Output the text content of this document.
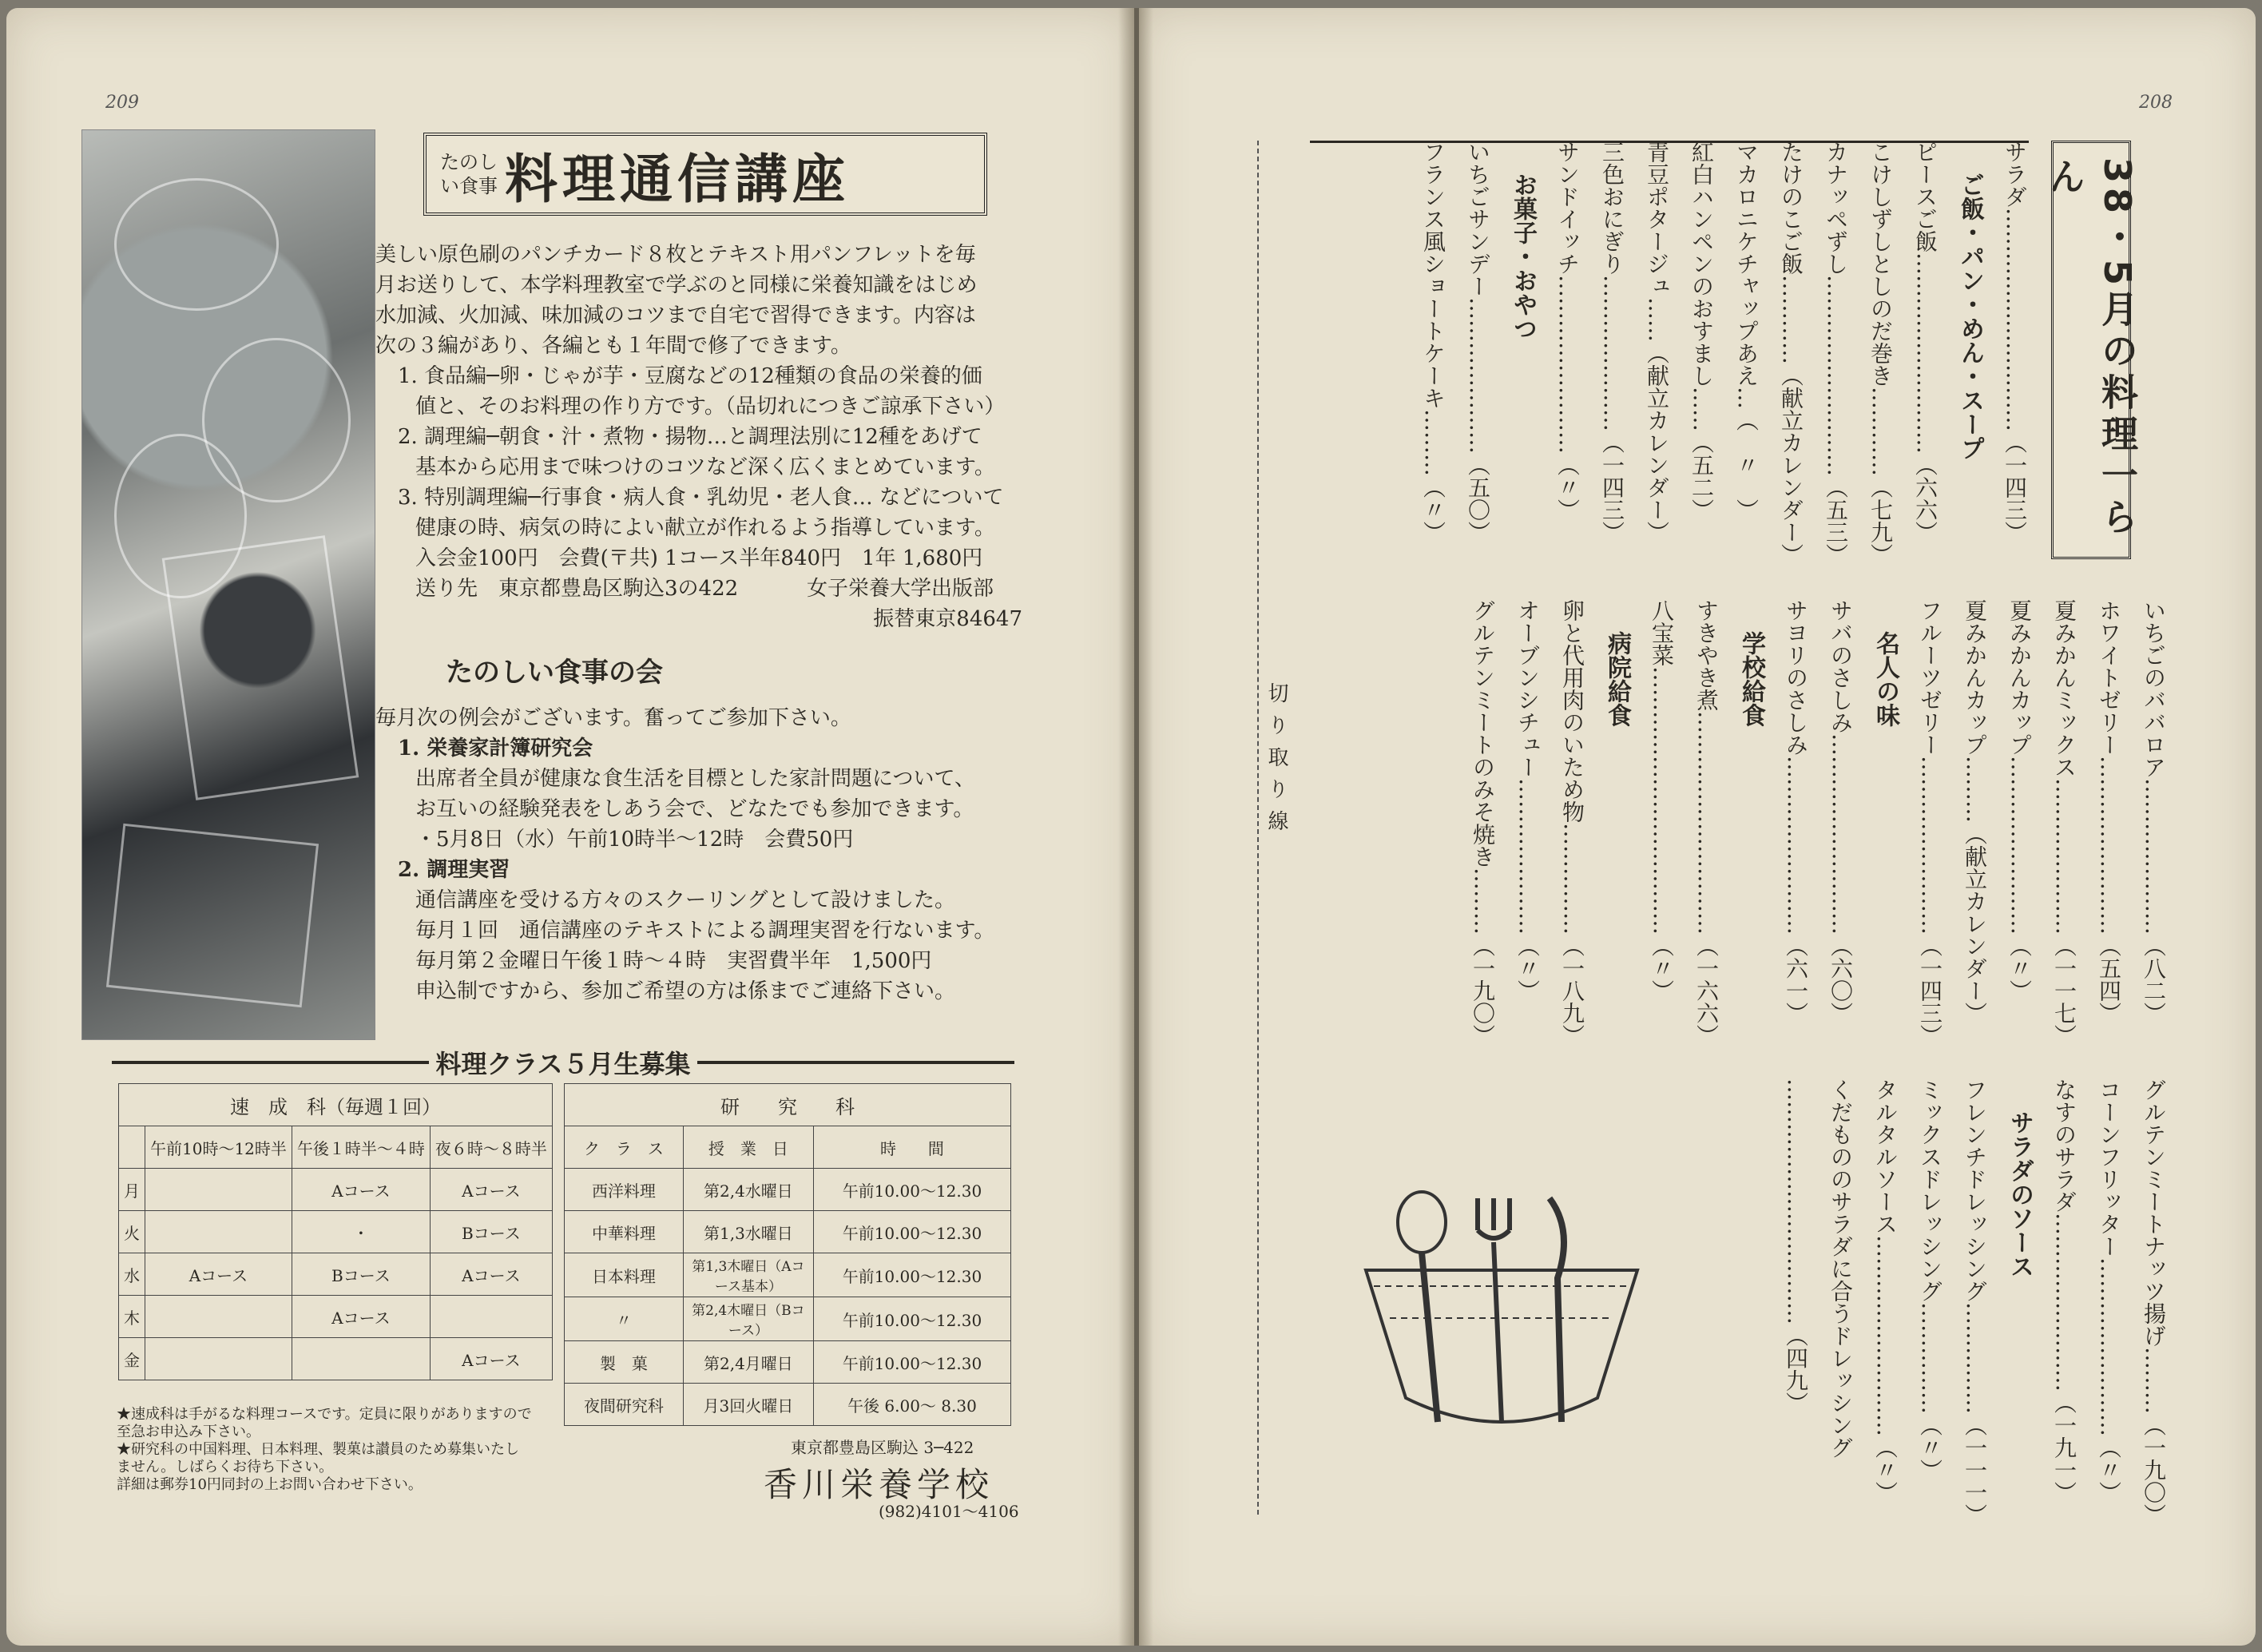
209
たのしい食事 料理通信講座

美しい原色刷のパンチカード８枚とテキスト用パンフレットを毎

月お送りして、本学料理教室で学ぶのと同様に栄養知識をはじめ

水加減、火加減、味加減のコツまで自宅で習得できます。内容は

次の３編があり、各編とも１年間で修了できます。

1. 食品編─卵・じゃが芋・豆腐などの12種類の食品の栄養的価

値と、そのお料理の作り方です。（品切れにつきご諒承下さい）

2. 調理編─朝食・汁・煮物・揚物…と調理法別に12種をあげて

基本から応用まで味つけのコツなど深く広くまとめています。

3. 特別調理編─行事食・病人食・乳幼児・老人食… などについて

健康の時、病気の時によい献立が作れるよう指導しています。

入会金100円　会費(〒共) 1コース半年840円　1年 1,680円

送り先　東京都豊島区駒込3の422	女子栄養大学出版部

振替東京84647

たのしい食事の会

毎月次の例会がございます。奮ってご参加下さい。

1. 栄養家計簿研究会

出席者全員が健康な食生活を目標とした家計問題について、

お互いの経験発表をしあう会で、どなたでも参加できます。

・5月8日（水）午前10時半〜12時　会費50円

2. 調理実習

通信講座を受ける方々のスクーリングとして設けました。

毎月１回　通信講座のテキストによる調理実習を行ないます。

毎月第２金曜日午後１時〜４時　実習費半年　1,500円

申込制ですから、参加ご希望の方は係までご連絡下さい。

料理クラス５月生募集
速　成　科（毎週１回）			
	午前10時〜12時半	午後１時半〜４時	夜６時〜８時半
月		Aコース	Aコース
火		・	Bコース
水	Aコース	Bコース	Aコース
木		Aコース	
金			Aコース
研　　究　　科		
ク　ラ　ス	授　業　日	時　　間
西洋料理	第2,4水曜日	午前10.00〜12.30
中華料理	第1,3水曜日	午前10.00〜12.30
日本料理	第1,3木曜日（Aコース基本）	午前10.00〜12.30
〃	第2,4木曜日（Bコース）	午前10.00〜12.30
製　菓	第2,4月曜日	午前10.00〜12.30
夜間研究科	月3回火曜日	午後 6.00〜 8.30
★速成科は手がるな料理コースです。定員に限りがありますので至急お申込み下さい。
★研究科の中国料理、日本料理、製菓は讃員のため募集いたしません。しばらくお待ち下さい。
詳細は郵券10円同封の上お問い合わせ下さい。
東京都豊島区駒込 3─422
香川栄養学校
(982)4101〜4106
208
38・5月の料理一らん
サラダ…………………………（一四三）
ご飯・パン・めん・スープ
ピースご飯………………………（六六）
こけしずしとしのだ巻き…………（七九）
カナッペずし………………………（五三）
たけのこご飯…………（献立カレンダー）
マカロニケチャップあえ…（　〃　）
紅白ハンペンのおすまし……（五二）
青豆ポタージュ……（献立カレンダー）
三色おにぎり…………………（一四三）
サンドイッチ……………………（〃）
お菓子・おやつ
いちごサンデー…………………（五〇）
フランス風ショートケーキ………（〃）
いちごのババロア…………………（八二）
ホワイトゼリー……………………（五四）
夏みかんミックス…………………（一一七）
夏みかんカップ……………………（〃）
夏みかんカップ………（献立カレンダー）
フルーツゼリー……………………（一四三）
名人の味
サバのさしみ………………………（六〇）
サヨリのさしみ……………………（六一）
学校給食
すきやき煮…………………………（一六六）
八宝菜………………………………（〃）
病院給食
卵と代用肉のいため物……………（一八九）
オーブンシチュー…………………（〃）
グルテンミートのみそ焼き………（一九〇）
グルテンミートナッツ揚げ………（一九〇）
コーンフリッター……………………（〃）
なすのサラダ……………………（一九一）
サラダのソース
フレンチドレッシング……………（一一一）
ミックスドレッシング……………（〃）
タルタルソース………………………（〃）
くだもののサラダに合うドレッシング
……………………………（四九）
切り取り線
